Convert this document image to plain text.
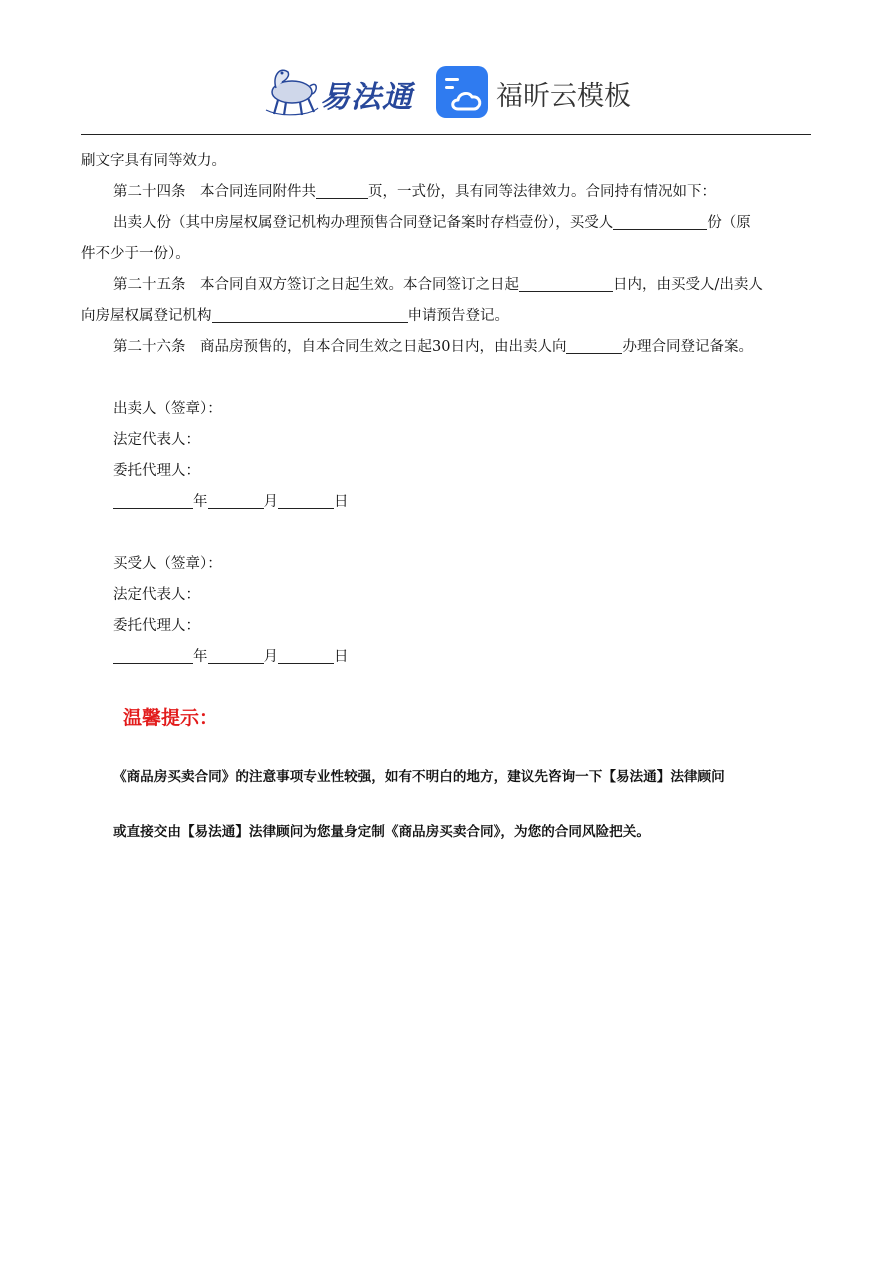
易法通	福昕云模板
刷文字具有同等效力。
第二十四条　本合同连同附件共	页，一式份，具有同等法律效力。合同持有情况如下：
出卖人份（其中房屋权属登记机构办理预售合同登记备案时存档壹份），买受人	份（原
件不少于一份）。
第二十五条　本合同自双方签订之日起生效。本合同签订之日起	日内，由买受人/出卖人
向房屋权属登记机构	申请预告登记。
第二十六条　商品房预售的，自本合同生效之日起30日内，由出卖人向	办理合同登记备案。
出卖人（签章）：
法定代表人：
委托代理人：
年	月	日
买受人（签章）：
法定代表人：
委托代理人：
年	月	日
温馨提示：
《商品房买卖合同》的注意事项专业性较强，如有不明白的地方，建议先咨询一下【易法通】法律顾问
或直接交由【易法通】法律顾问为您量身定制《商品房买卖合同》，为您的合同风险把关。
